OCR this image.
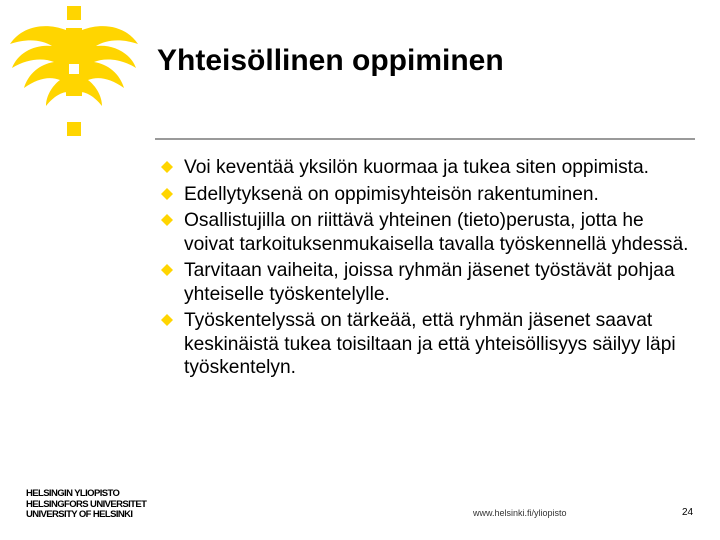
Yhteisöllinen oppiminen
Voi keventää yksilön kuormaa ja tukea siten oppimista.
Edellytyksenä on oppimisyhteisön rakentuminen.
Osallistujilla on riittävä yhteinen (tieto)perusta, jotta he voivat tarkoituksenmukaisella tavalla työskennellä yhdessä.
Tarvitaan vaiheita, joissa ryhmän jäsenet työstävät pohjaa yhteiselle työskentelylle.
Työskentelyssä on tärkeää, että ryhmän jäsenet saavat keskinäistä tukea toisiltaan ja että yhteisöllisyys säilyy läpi työskentelyn.
HELSINGIN YLIOPISTO
HELSINGFORS UNIVERSITET
UNIVERSITY OF HELSINKI	www.helsinki.fi/yliopisto	24
